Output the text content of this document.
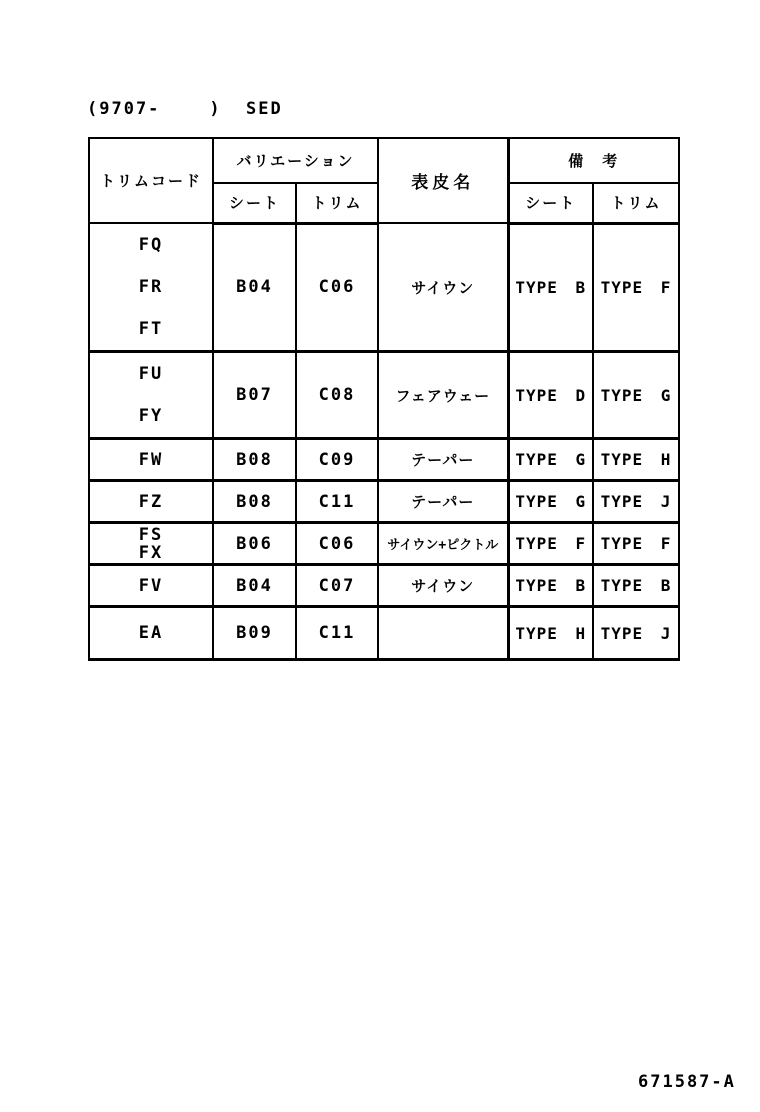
(9707-    )  SED
トリムコード	バリエーション		表皮名	備　考	
	シート	トリム		シート	トリム

FQ
FR
FT	B04	C06	サイウン	TYPE B	TYPE F

FU
FY	B07	C08	フェアウェー	TYPE D	TYPE G

FW	B08	C09	テーパー	TYPE G	TYPE H

FZ	B08	C11	テーパー	TYPE G	TYPE J

FS
FX	B06	C06	サイウン+ピクトル	TYPE F	TYPE F

FV	B04	C07	サイウン	TYPE B	TYPE B

EA	B09	C11		TYPE H	TYPE J
671587-A
